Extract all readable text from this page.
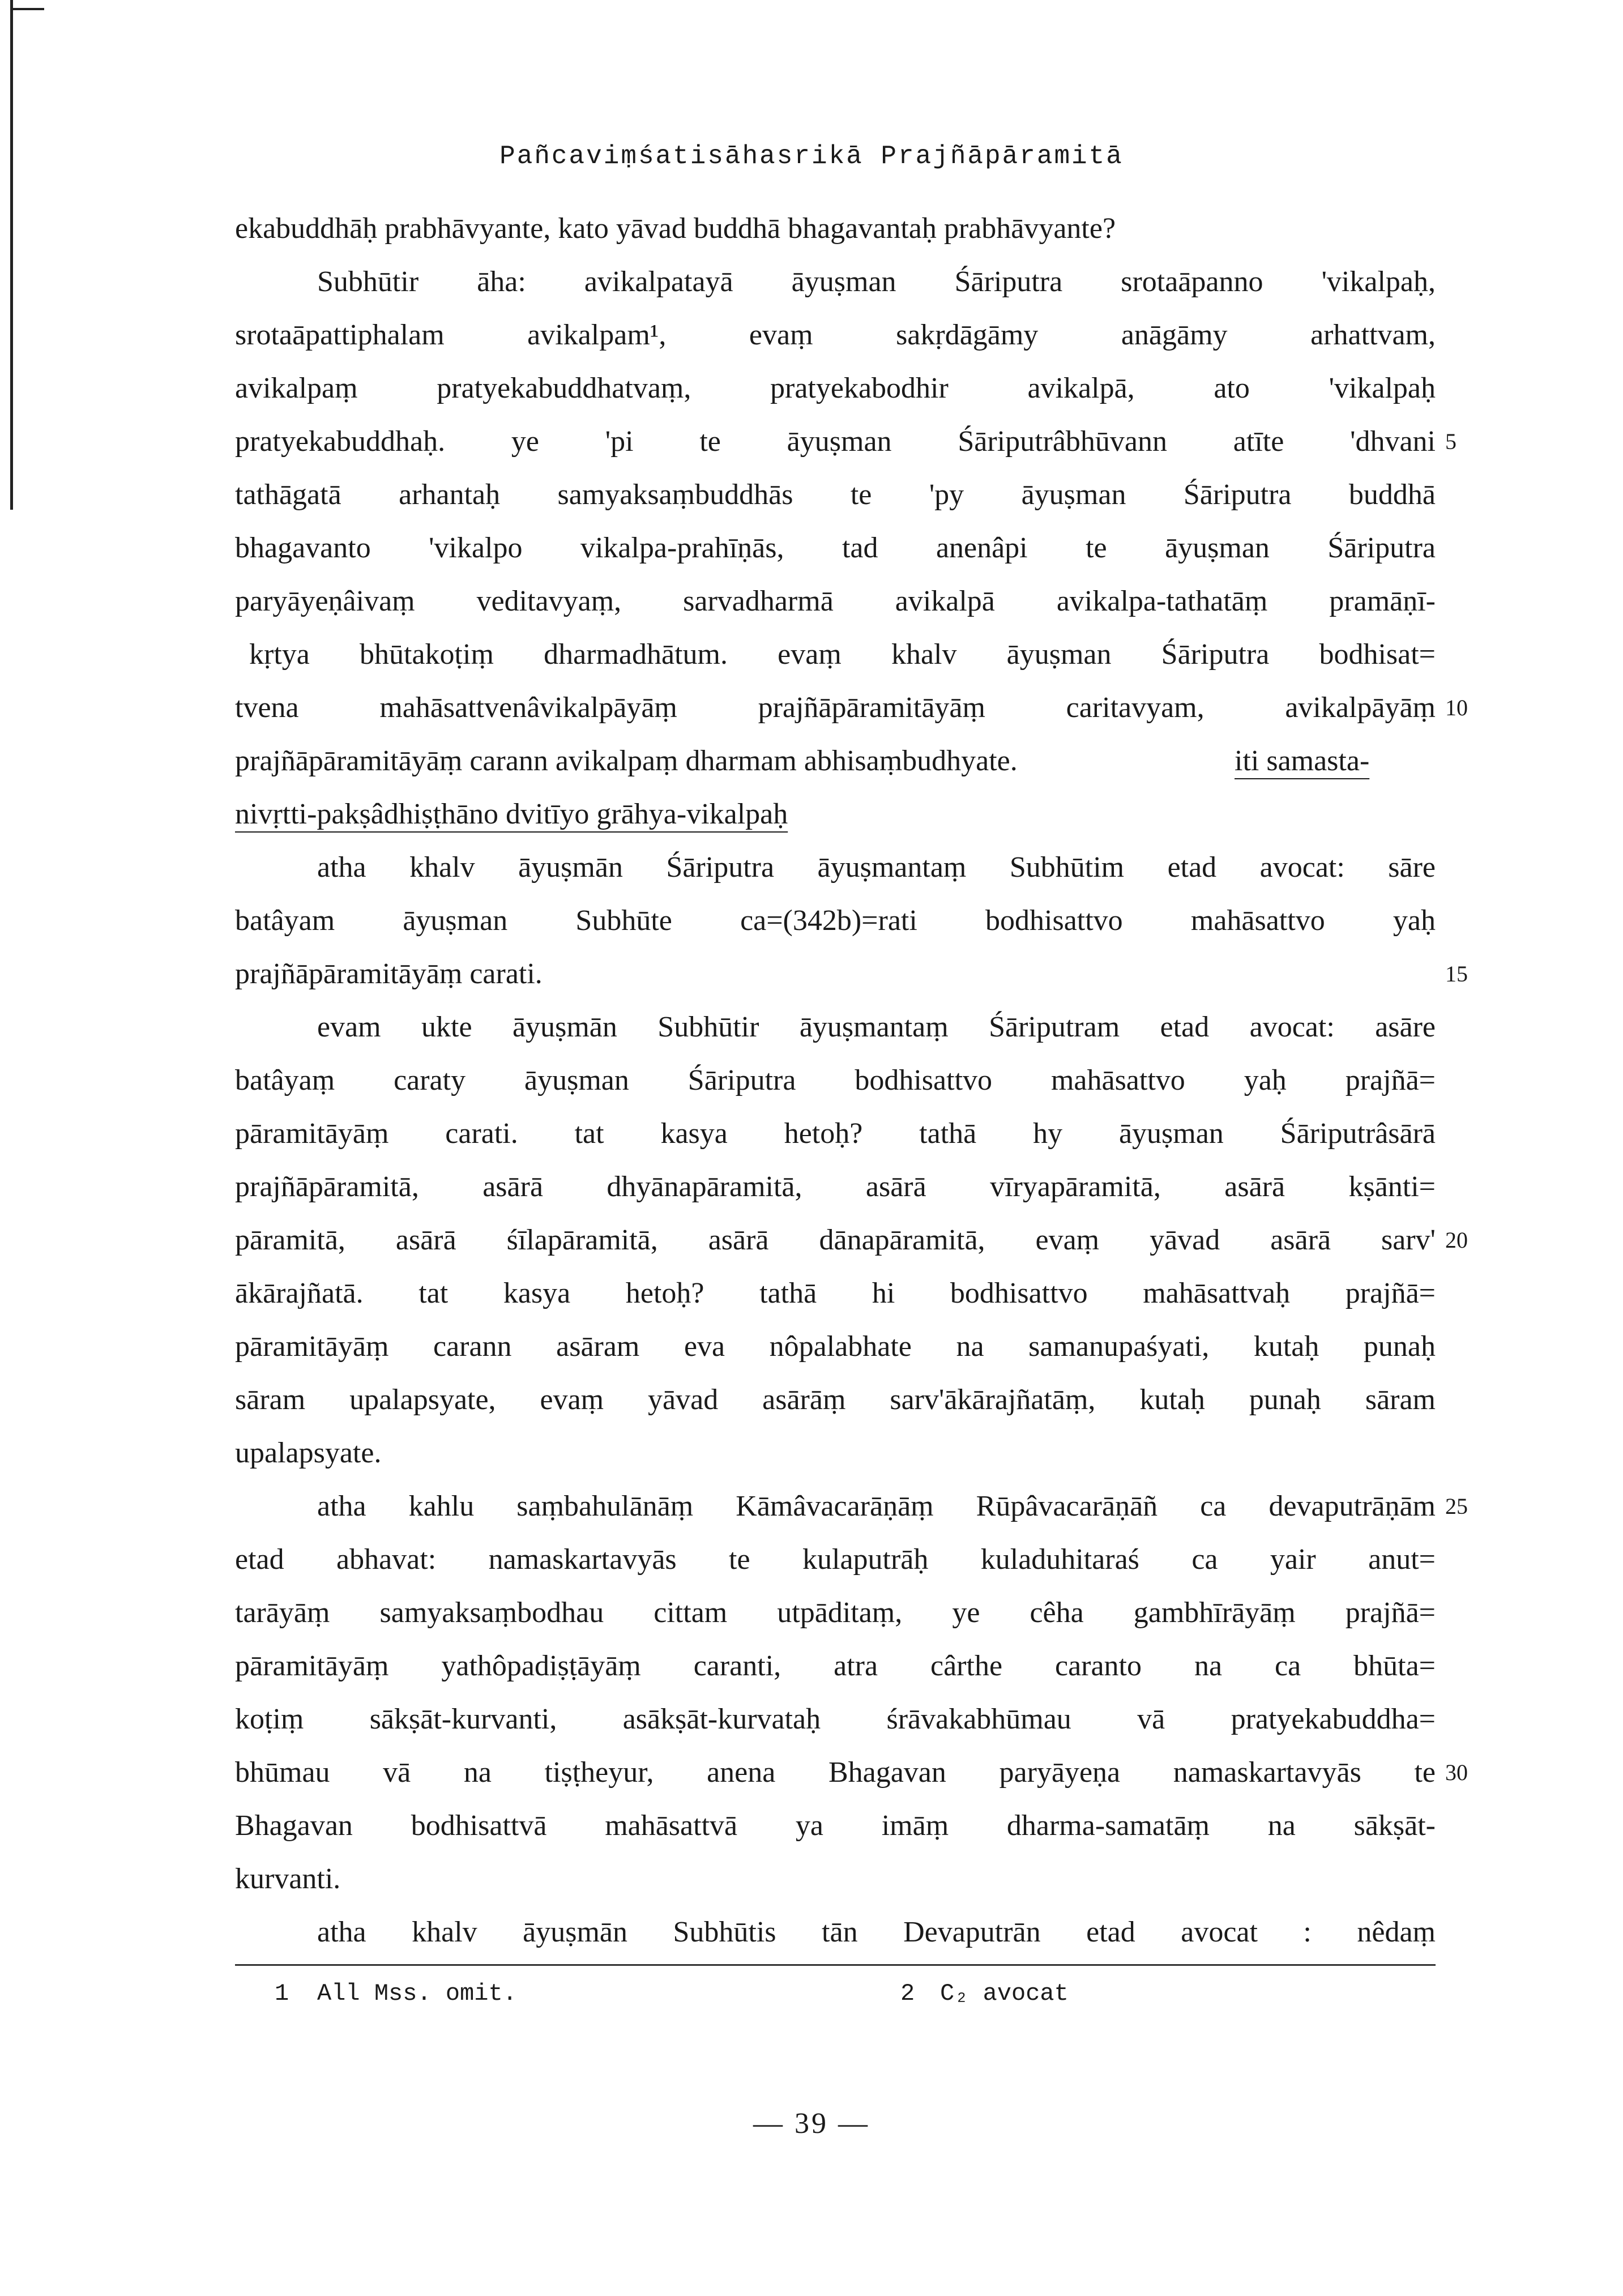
Pañcaviṃśatisāhasrikā Prajñāpāramitā
ekabuddhāḥ prabhāvyante, kato yāvad buddhā bhagavantaḥ prabhāvyante?
Subhūtir āha: avikalpatayā āyuṣman Śāriputra srotaāpanno 'vikalpaḥ,
srotaāpattiphalam avikalpam¹, evaṃ sakṛdāgāmy anāgāmy arhattvam,
avikalpaṃ pratyekabuddhatvaṃ, pratyekabodhir avikalpā, ato 'vikalpaḥ
pratyekabuddhaḥ. ye 'pi te āyuṣman Śāriputrâbhūvann atīte 'dhvani
tathāgatā arhantaḥ samyaksaṃbuddhās te 'py āyuṣman Śāriputra buddhā
bhagavanto 'vikalpo vikalpa-prahīṇās, tad anenâpi te āyuṣman Śāriputra
paryāyeṇâivaṃ veditavyaṃ, sarvadharmā avikalpā avikalpa-tathatāṃ pramāṇī-
kṛtya bhūtakoṭiṃ dharmadhātum. evaṃ khalv āyuṣman Śāriputra bodhisat=
tvena mahāsattvenâvikalpāyāṃ prajñāpāramitāyāṃ caritavyam, avikalpāyāṃ
prajñāpāramitāyāṃ carann avikalpaṃ dharmam abhisaṃbudhyate.	iti samasta-
nivṛtti-pakṣâdhiṣṭhāno dvitīyo grāhya-vikalpaḥ
atha khalv āyuṣmān Śāriputra āyuṣmantaṃ Subhūtim etad avocat: sāre
batâyam āyuṣman Subhūte ca=(342b)=rati bodhisattvo mahāsattvo yaḥ
prajñāpāramitāyāṃ carati.
evam ukte āyuṣmān Subhūtir āyuṣmantaṃ Śāriputram etad avocat: asāre
batâyaṃ caraty āyuṣman Śāriputra bodhisattvo mahāsattvo yaḥ prajñā=
pāramitāyāṃ carati. tat kasya hetoḥ? tathā hy āyuṣman Śāriputrâsārā
prajñāpāramitā, asārā dhyānapāramitā, asārā vīryapāramitā, asārā kṣānti=
pāramitā, asārā śīlapāramitā, asārā dānapāramitā, evaṃ yāvad asārā sarv'
ākārajñatā. tat kasya hetoḥ? tathā hi bodhisattvo mahāsattvaḥ prajñā=
pāramitāyāṃ carann asāram eva nôpalabhate na samanupaśyati, kutaḥ punaḥ
sāram upalapsyate, evaṃ yāvad asārāṃ sarv'ākārajñatāṃ, kutaḥ punaḥ sāram
upalapsyate.
atha kahlu saṃbahulānāṃ Kāmâvacarāṇāṃ Rūpâvacarāṇāñ ca devaputrāṇām
etad abhavat: namaskartavyās te kulaputrāḥ kuladuhitaraś ca yair anut=
tarāyāṃ samyaksaṃbodhau cittam utpāditaṃ, ye cêha gambhīrāyāṃ prajñā=
pāramitāyāṃ yathôpadiṣṭāyāṃ caranti, atra cârthe caranto na ca bhūta=
koṭiṃ sākṣāt-kurvanti, asākṣāt-kurvataḥ śrāvakabhūmau vā pratyekabuddha=
bhūmau vā na tiṣṭheyur, anena Bhagavan paryāyeṇa namaskartavyās te
Bhagavan bodhisattvā mahāsattvā ya imāṃ dharma-samatāṃ na sākṣāt-
kurvanti.
atha khalv āyuṣmān Subhūtis tān Devaputrān etad avocat : nêdaṃ
5
10
15
20
25
30
1 All Mss. omit.	2 C₂ avocat
— 39 —
